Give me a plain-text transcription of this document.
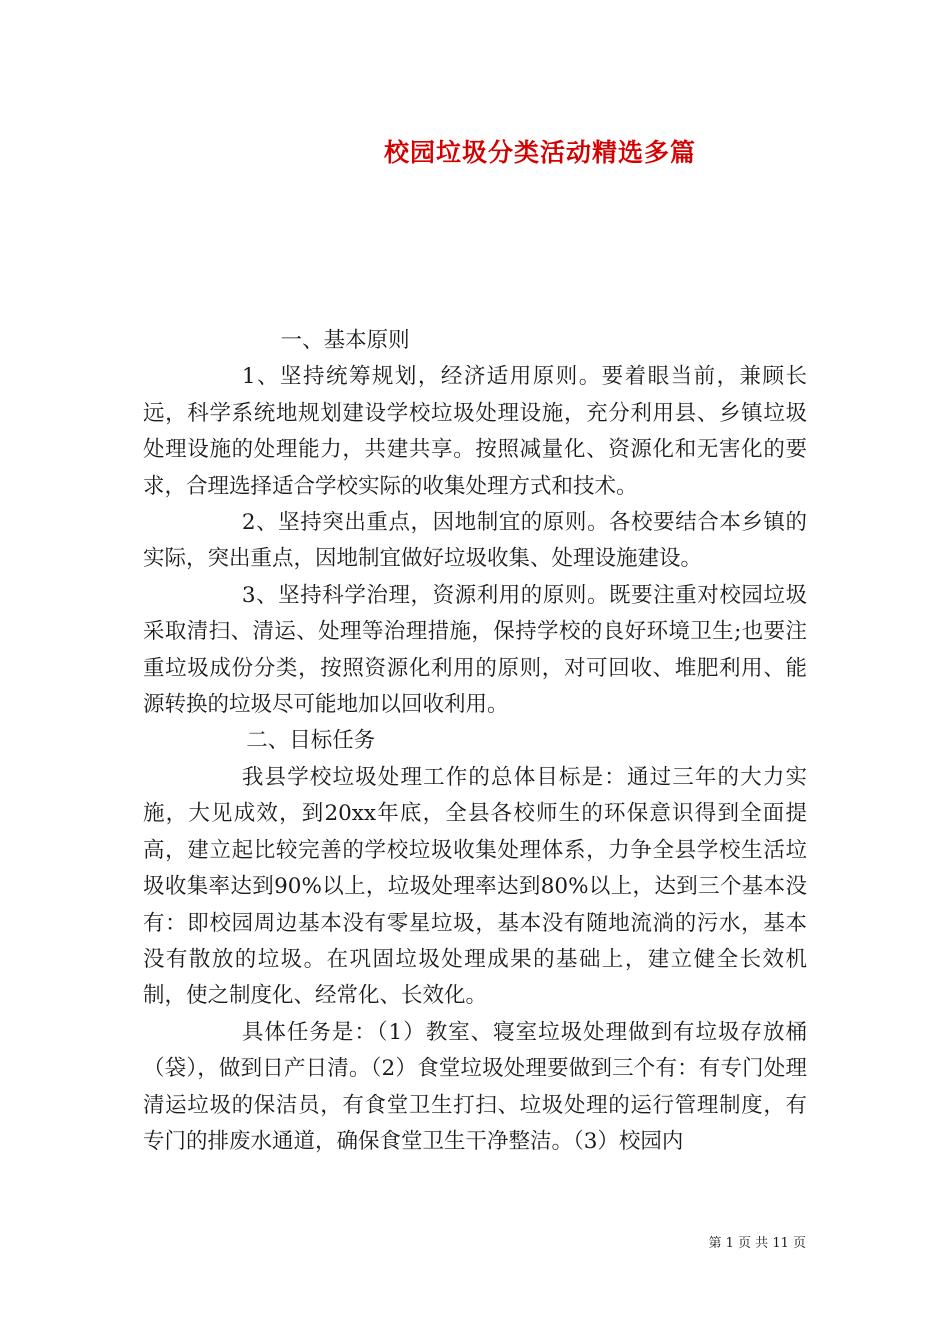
校园垃圾分类活动精选多篇

一、基本原则

1、坚持统筹规划，经济适用原则。要着眼当前，兼顾长远，科学系统地规划建设学校垃圾处理设施，充分利用县、乡镇垃圾处理设施的处理能力，共建共享。按照减量化、资源化和无害化的要求，合理选择适合学校实际的收集处理方式和技术。

2、坚持突出重点，因地制宜的原则。各校要结合本乡镇的实际，突出重点，因地制宜做好垃圾收集、处理设施建设。

3、坚持科学治理，资源利用的原则。既要注重对校园垃圾采取清扫、清运、处理等治理措施，保持学校的良好环境卫生;也要注重垃圾成份分类，按照资源化利用的原则，对可回收、堆肥利用、能源转换的垃圾尽可能地加以回收利用。

二、目标任务

我县学校垃圾处理工作的总体目标是：通过三年的大力实施，大见成效，到20xx年底，全县各校师生的环保意识得到全面提高，建立起比较完善的学校垃圾收集处理体系，力争全县学校生活垃圾收集率达到90%以上，垃圾处理率达到80%以上，达到三个基本没有：即校园周边基本没有零星垃圾，基本没有随地流淌的污水，基本没有散放的垃圾。在巩固垃圾处理成果的基础上，建立健全长效机制，使之制度化、经常化、长效化。

具体任务是：（1）教室、寝室垃圾处理做到有垃圾存放桶（袋），做到日产日清。（2）食堂垃圾处理要做到三个有：有专门处理清运垃圾的保洁员，有食堂卫生打扫、垃圾处理的运行管理制度，有专门的排废水通道，确保食堂卫生干净整洁。（3）校园内

第 1 页 共 11 页
